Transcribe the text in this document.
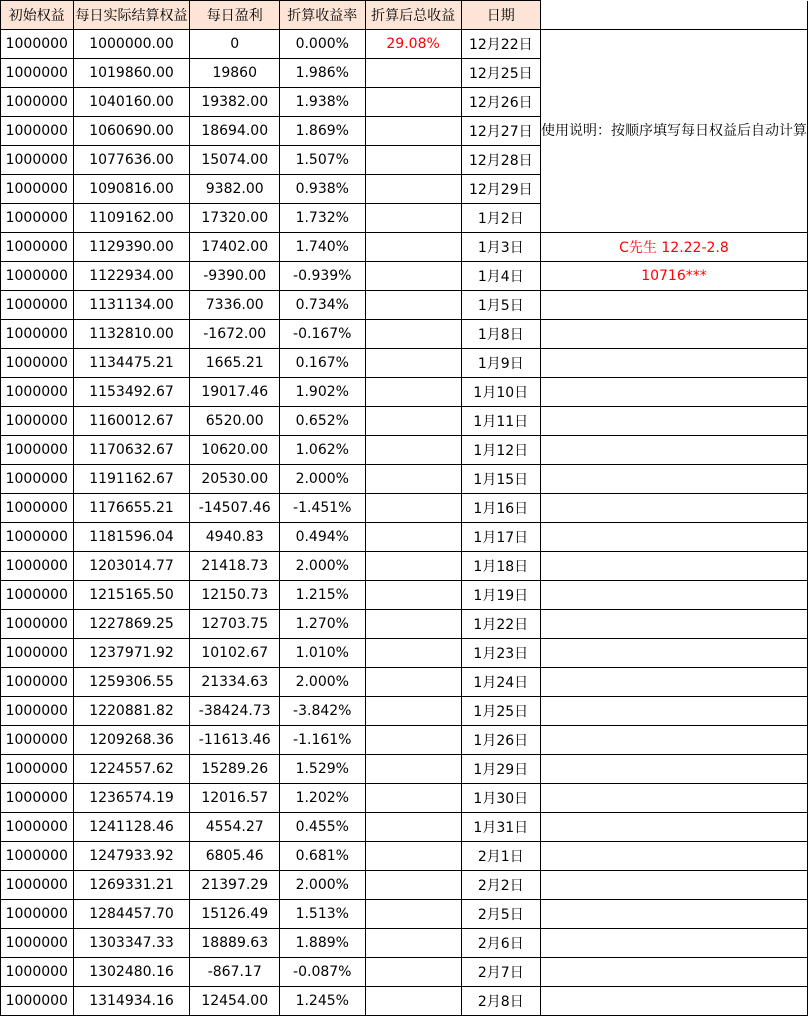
初始权益	每日实际结算权益	每日盈利	折算收益率	折算后总收益	日期	
1000000	1000000.00	0	0.000%	29.08%	12月22日	使用说明：按顺序填写每日权益后自动计算
1000000	1019860.00	19860	1.986%		12月25日	
1000000	1040160.00	19382.00	1.938%		12月26日	
1000000	1060690.00	18694.00	1.869%		12月27日	
1000000	1077636.00	15074.00	1.507%		12月28日	
1000000	1090816.00	9382.00	0.938%		12月29日	
1000000	1109162.00	17320.00	1.732%		1月2日	
1000000	1129390.00	17402.00	1.740%		1月3日	C先生 12.22-2.8
1000000	1122934.00	-9390.00	-0.939%		1月4日	10716***
1000000	1131134.00	7336.00	0.734%		1月5日	
1000000	1132810.00	-1672.00	-0.167%		1月8日	
1000000	1134475.21	1665.21	0.167%		1月9日	
1000000	1153492.67	19017.46	1.902%		1月10日	
1000000	1160012.67	6520.00	0.652%		1月11日	
1000000	1170632.67	10620.00	1.062%		1月12日	
1000000	1191162.67	20530.00	2.000%		1月15日	
1000000	1176655.21	-14507.46	-1.451%		1月16日	
1000000	1181596.04	4940.83	0.494%		1月17日	
1000000	1203014.77	21418.73	2.000%		1月18日	
1000000	1215165.50	12150.73	1.215%		1月19日	
1000000	1227869.25	12703.75	1.270%		1月22日	
1000000	1237971.92	10102.67	1.010%		1月23日	
1000000	1259306.55	21334.63	2.000%		1月24日	
1000000	1220881.82	-38424.73	-3.842%		1月25日	
1000000	1209268.36	-11613.46	-1.161%		1月26日	
1000000	1224557.62	15289.26	1.529%		1月29日	
1000000	1236574.19	12016.57	1.202%		1月30日	
1000000	1241128.46	4554.27	0.455%		1月31日	
1000000	1247933.92	6805.46	0.681%		2月1日	
1000000	1269331.21	21397.29	2.000%		2月2日	
1000000	1284457.70	15126.49	1.513%		2月5日	
1000000	1303347.33	18889.63	1.889%		2月6日	
1000000	1302480.16	-867.17	-0.087%		2月7日	
1000000	1314934.16	12454.00	1.245%		2月8日	
